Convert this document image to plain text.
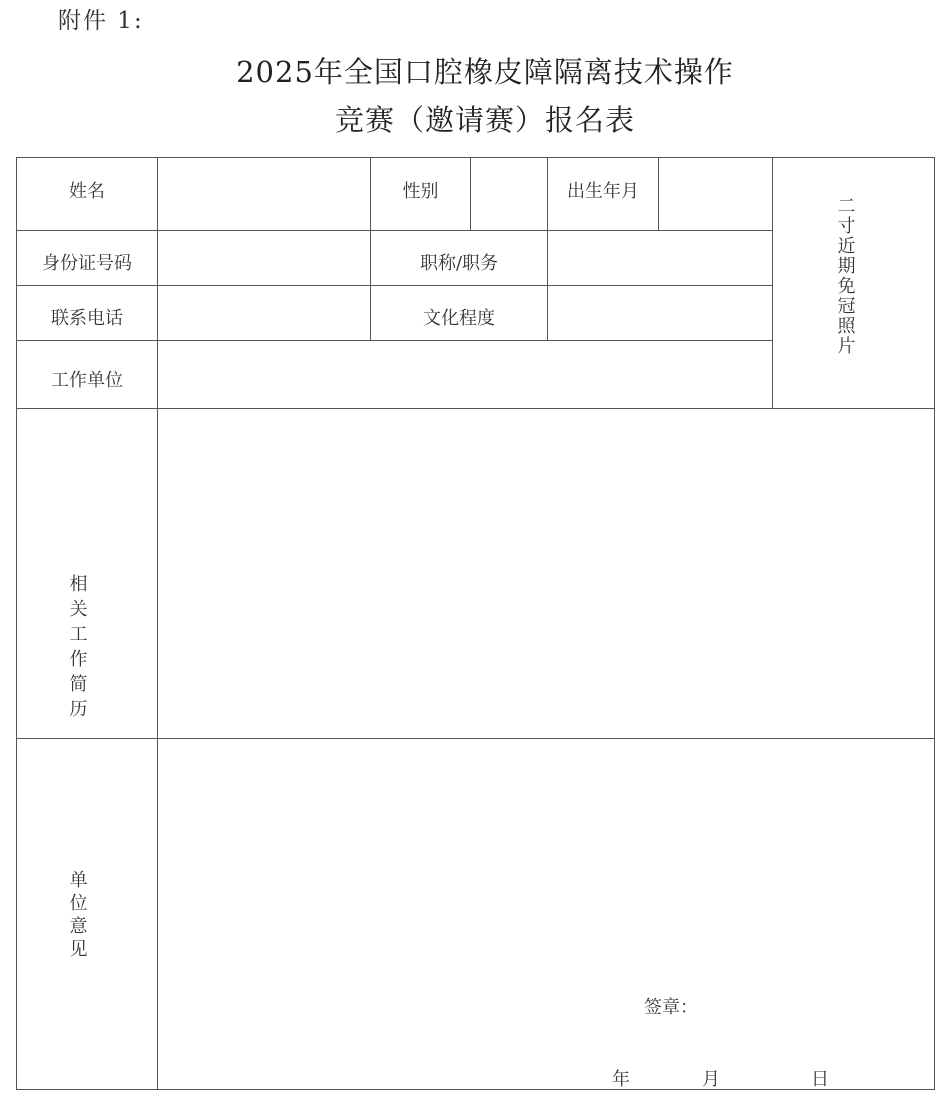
附件 1:
2025年全国口腔橡皮障隔离技术操作
竞赛（邀请赛）报名表
姓名	性别	出生年月
二寸近期免冠照片
身份证号码	职称/职务
联系电话	文化程度
工作单位
相关工作简历
单位意见
签章：
年	月	日
